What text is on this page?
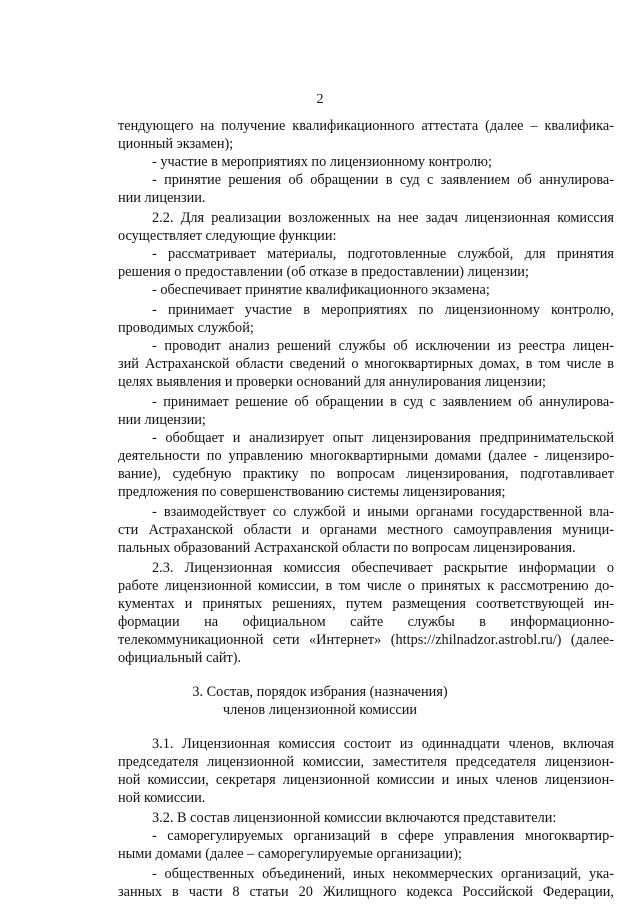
2
тендующего на получение квалификационного аттестата (далее – квалифика-
ционный экзамен);
- участие в мероприятиях по лицензионному контролю;
- принятие решения об обращении в суд с заявлением об аннулирова-
нии лицензии.
2.2. Для реализации возложенных на нее задач лицензионная комиссия
осуществляет следующие функции:
- рассматривает материалы, подготовленные службой, для принятия
решения о предоставлении (об отказе в предоставлении) лицензии;
- обеспечивает принятие квалификационного экзамена;
- принимает участие в мероприятиях по лицензионному контролю,
проводимых службой;
- проводит анализ решений службы об исключении из реестра лицен-
зий Астраханской области сведений о многоквартирных домах, в том числе в
целях выявления и проверки оснований для аннулирования лицензии;
- принимает решение об обращении в суд с заявлением об аннулирова-
нии лицензии;
- обобщает и анализирует опыт лицензирования предпринимательской
деятельности по управлению многоквартирными домами (далее - лицензиро-
вание), судебную практику по вопросам лицензирования, подготавливает
предложения по совершенствованию системы лицензирования;
- взаимодействует со службой и иными органами государственной вла-
сти Астраханской области и органами местного самоуправления муници-
пальных образований Астраханской области по вопросам лицензирования.
2.3. Лицензионная комиссия обеспечивает раскрытие информации о
работе лицензионной комиссии, в том числе о принятых к рассмотрению до-
кументах и принятых решениях, путем размещения соответствующей ин-
формации на официальном сайте службы в информационно-
телекоммуникационной сети «Интернет» (https://zhilnadzor.astrobl.ru/) (далее-
официальный сайт).
3. Состав, порядок избрания (назначения)
членов лицензионной комиссии
3.1. Лицензионная комиссия состоит из одиннадцати членов, включая
председателя лицензионной комиссии, заместителя председателя лицензион-
ной комиссии, секретаря лицензионной комиссии и иных членов лицензион-
ной комиссии.
3.2. В состав лицензионной комиссии включаются представители:
- саморегулируемых организаций в сфере управления многоквартир-
ными домами (далее – саморегулируемые организации);
- общественных объединений, иных некоммерческих организаций, ука-
занных в части 8 статьи 20 Жилищного кодекса Российской Федерации,
